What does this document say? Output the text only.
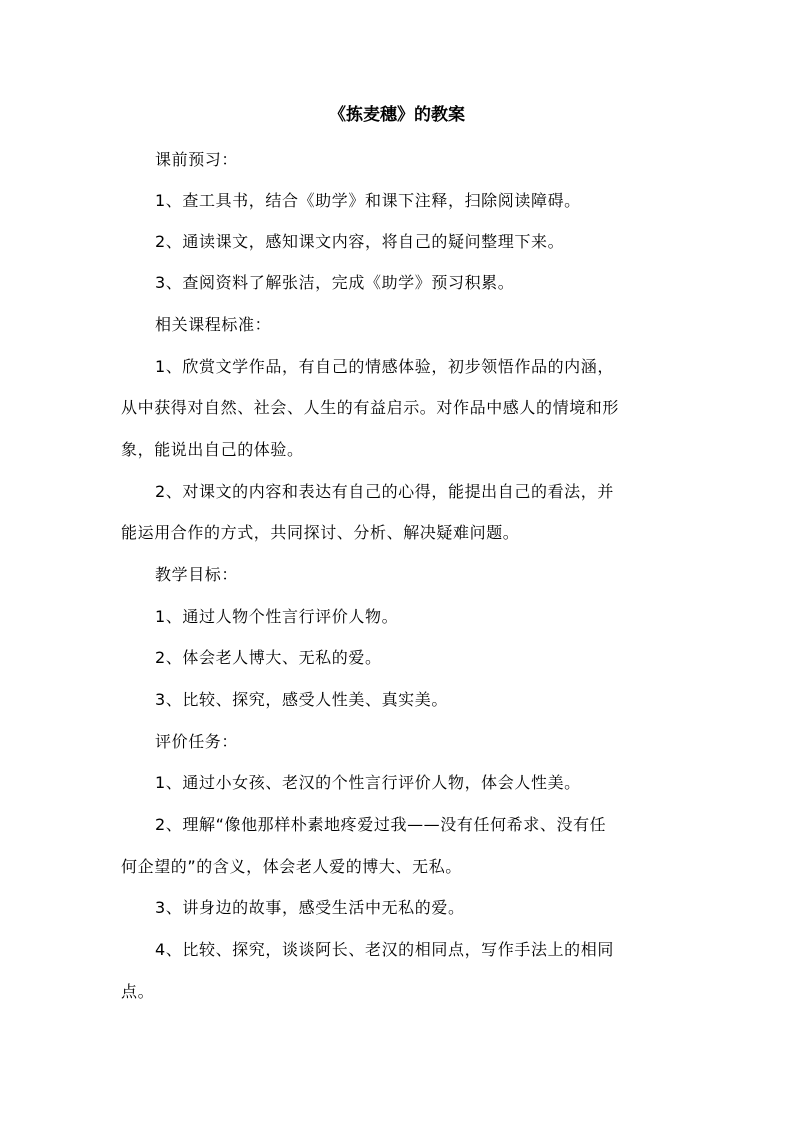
《拣麦穗》的教案
课前预习：
1、查工具书，结合《助学》和课下注释，扫除阅读障碍。
2、通读课文，感知课文内容，将自己的疑问整理下来。
3、查阅资料了解张洁，完成《助学》预习积累。
相关课程标准：
1、欣赏文学作品，有自己的情感体验，初步领悟作品的内涵，
从中获得对自然、社会、人生的有益启示。对作品中感人的情境和形
象，能说出自己的体验。
2、对课文的内容和表达有自己的心得，能提出自己的看法，并
能运用合作的方式，共同探讨、分析、解决疑难问题。
教学目标：
1、通过人物个性言行评价人物。
2、体会老人博大、无私的爱。
3、比较、探究，感受人性美、真实美。
评价任务：
1、通过小女孩、老汉的个性言行评价人物，体会人性美。
2、理解“像他那样朴素地疼爱过我——没有任何希求、没有任
何企望的”的含义，体会老人爱的博大、无私。
3、讲身边的故事，感受生活中无私的爱。
4、比较、探究，谈谈阿长、老汉的相同点，写作手法上的相同
点。
